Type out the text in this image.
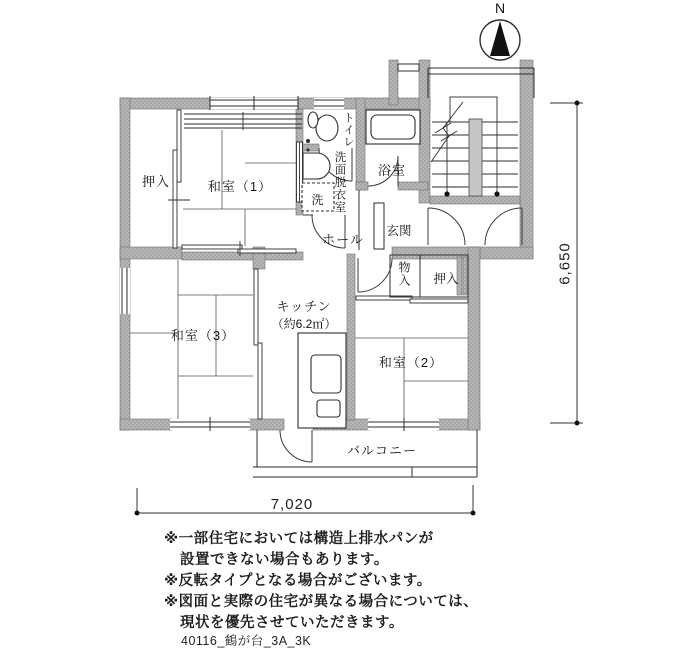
N
押入	和室（1）
トイレ
洗面脱衣室	浴室
洗
ホール
玄関
物入	押入
キッチン
（約6.2㎡）
和室（3）
和室（2）
バルコニー
7,020
6,650
※一部住宅においては構造上排水パンが
設置できない場合もあります。
※反転タイプとなる場合がございます。
※図面と実際の住宅が異なる場合については、
現状を優先させていただきます。
40116_鶴が台_3A_3K
